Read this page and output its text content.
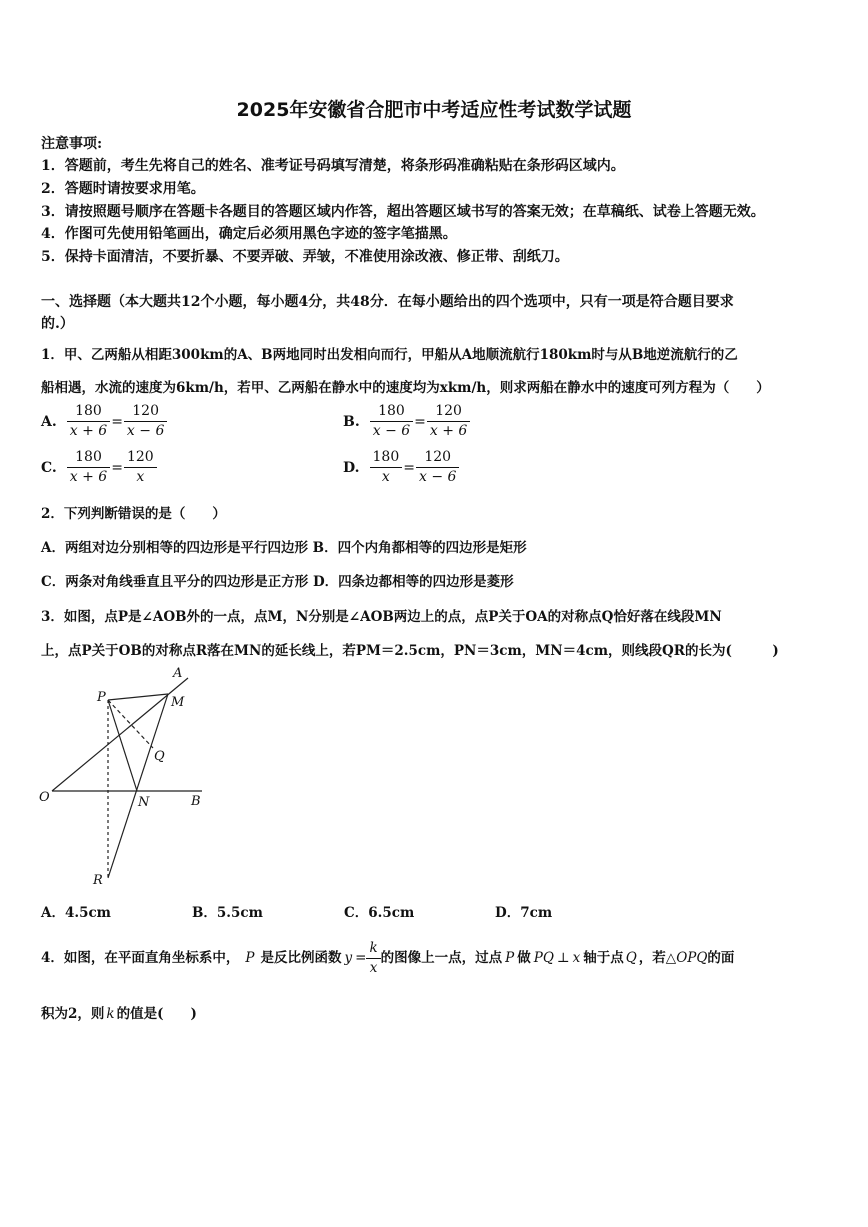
2025年安徽省合肥市中考适应性考试数学试题
注意事项:
1．答题前，考生先将自己的姓名、准考证号码填写清楚，将条形码准确粘贴在条形码区域内。
2．答题时请按要求用笔。
3．请按照题号顺序在答题卡各题目的答题区域内作答，超出答题区域书写的答案无效；在草稿纸、试卷上答题无效。
4．作图可先使用铅笔画出，确定后必须用黑色字迹的签字笔描黑。
5．保持卡面清洁，不要折暴、不要弄破、弄皱，不准使用涂改液、修正带、刮纸刀。
一、选择题（本大题共12个小题，每小题4分，共48分．在每小题给出的四个选项中，只有一项是符合题目要求
的.）
1．甲、乙两船从相距300km的A、B两地同时出发相向而行，甲船从A地顺流航行180km时与从B地逆流航行的乙
船相遇，水流的速度为6km/h，若甲、乙两船在静水中的速度均为xkm/h，则求两船在静水中的速度可列方程为（　　）
A. $\frac{180}{x + 6} = \frac{120}{x - 6}$	B. $\frac{180}{x - 6} = \frac{120}{x + 6}$
C. $\frac{180}{x + 6} = \frac{120}{x}$	D. $\frac{180}{x} = \frac{120}{x - 6}$
2．下列判断错误的是（　　）
A．两组对边分别相等的四边形是平行四边形 B．四个内角都相等的四边形是矩形
C．两条对角线垂直且平分的四边形是正方形 D．四条边都相等的四边形是菱形
3．如图，点P是∠AOB外的一点，点M，N分别是∠AOB两边上的点，点P关于OA的对称点Q恰好落在线段MN
上，点P关于OB的对称点R落在MN的延长线上，若PM＝2.5cm，PN＝3cm，MN＝4cm，则线段QR的长为(　　　)
A
P	M
Q
O	N	B
R
A．4.5cm	B．5.5cm	C．6.5cm	D．7cm
4．如图，在平面直角坐标系中， P 是反比例函数 $y = \frac{k}{x}$ 的图像上一点，过点 P 做 PQ ⊥ x 轴于点 Q ，若△OPQ的面
积为2，则 k 的值是(　　)
